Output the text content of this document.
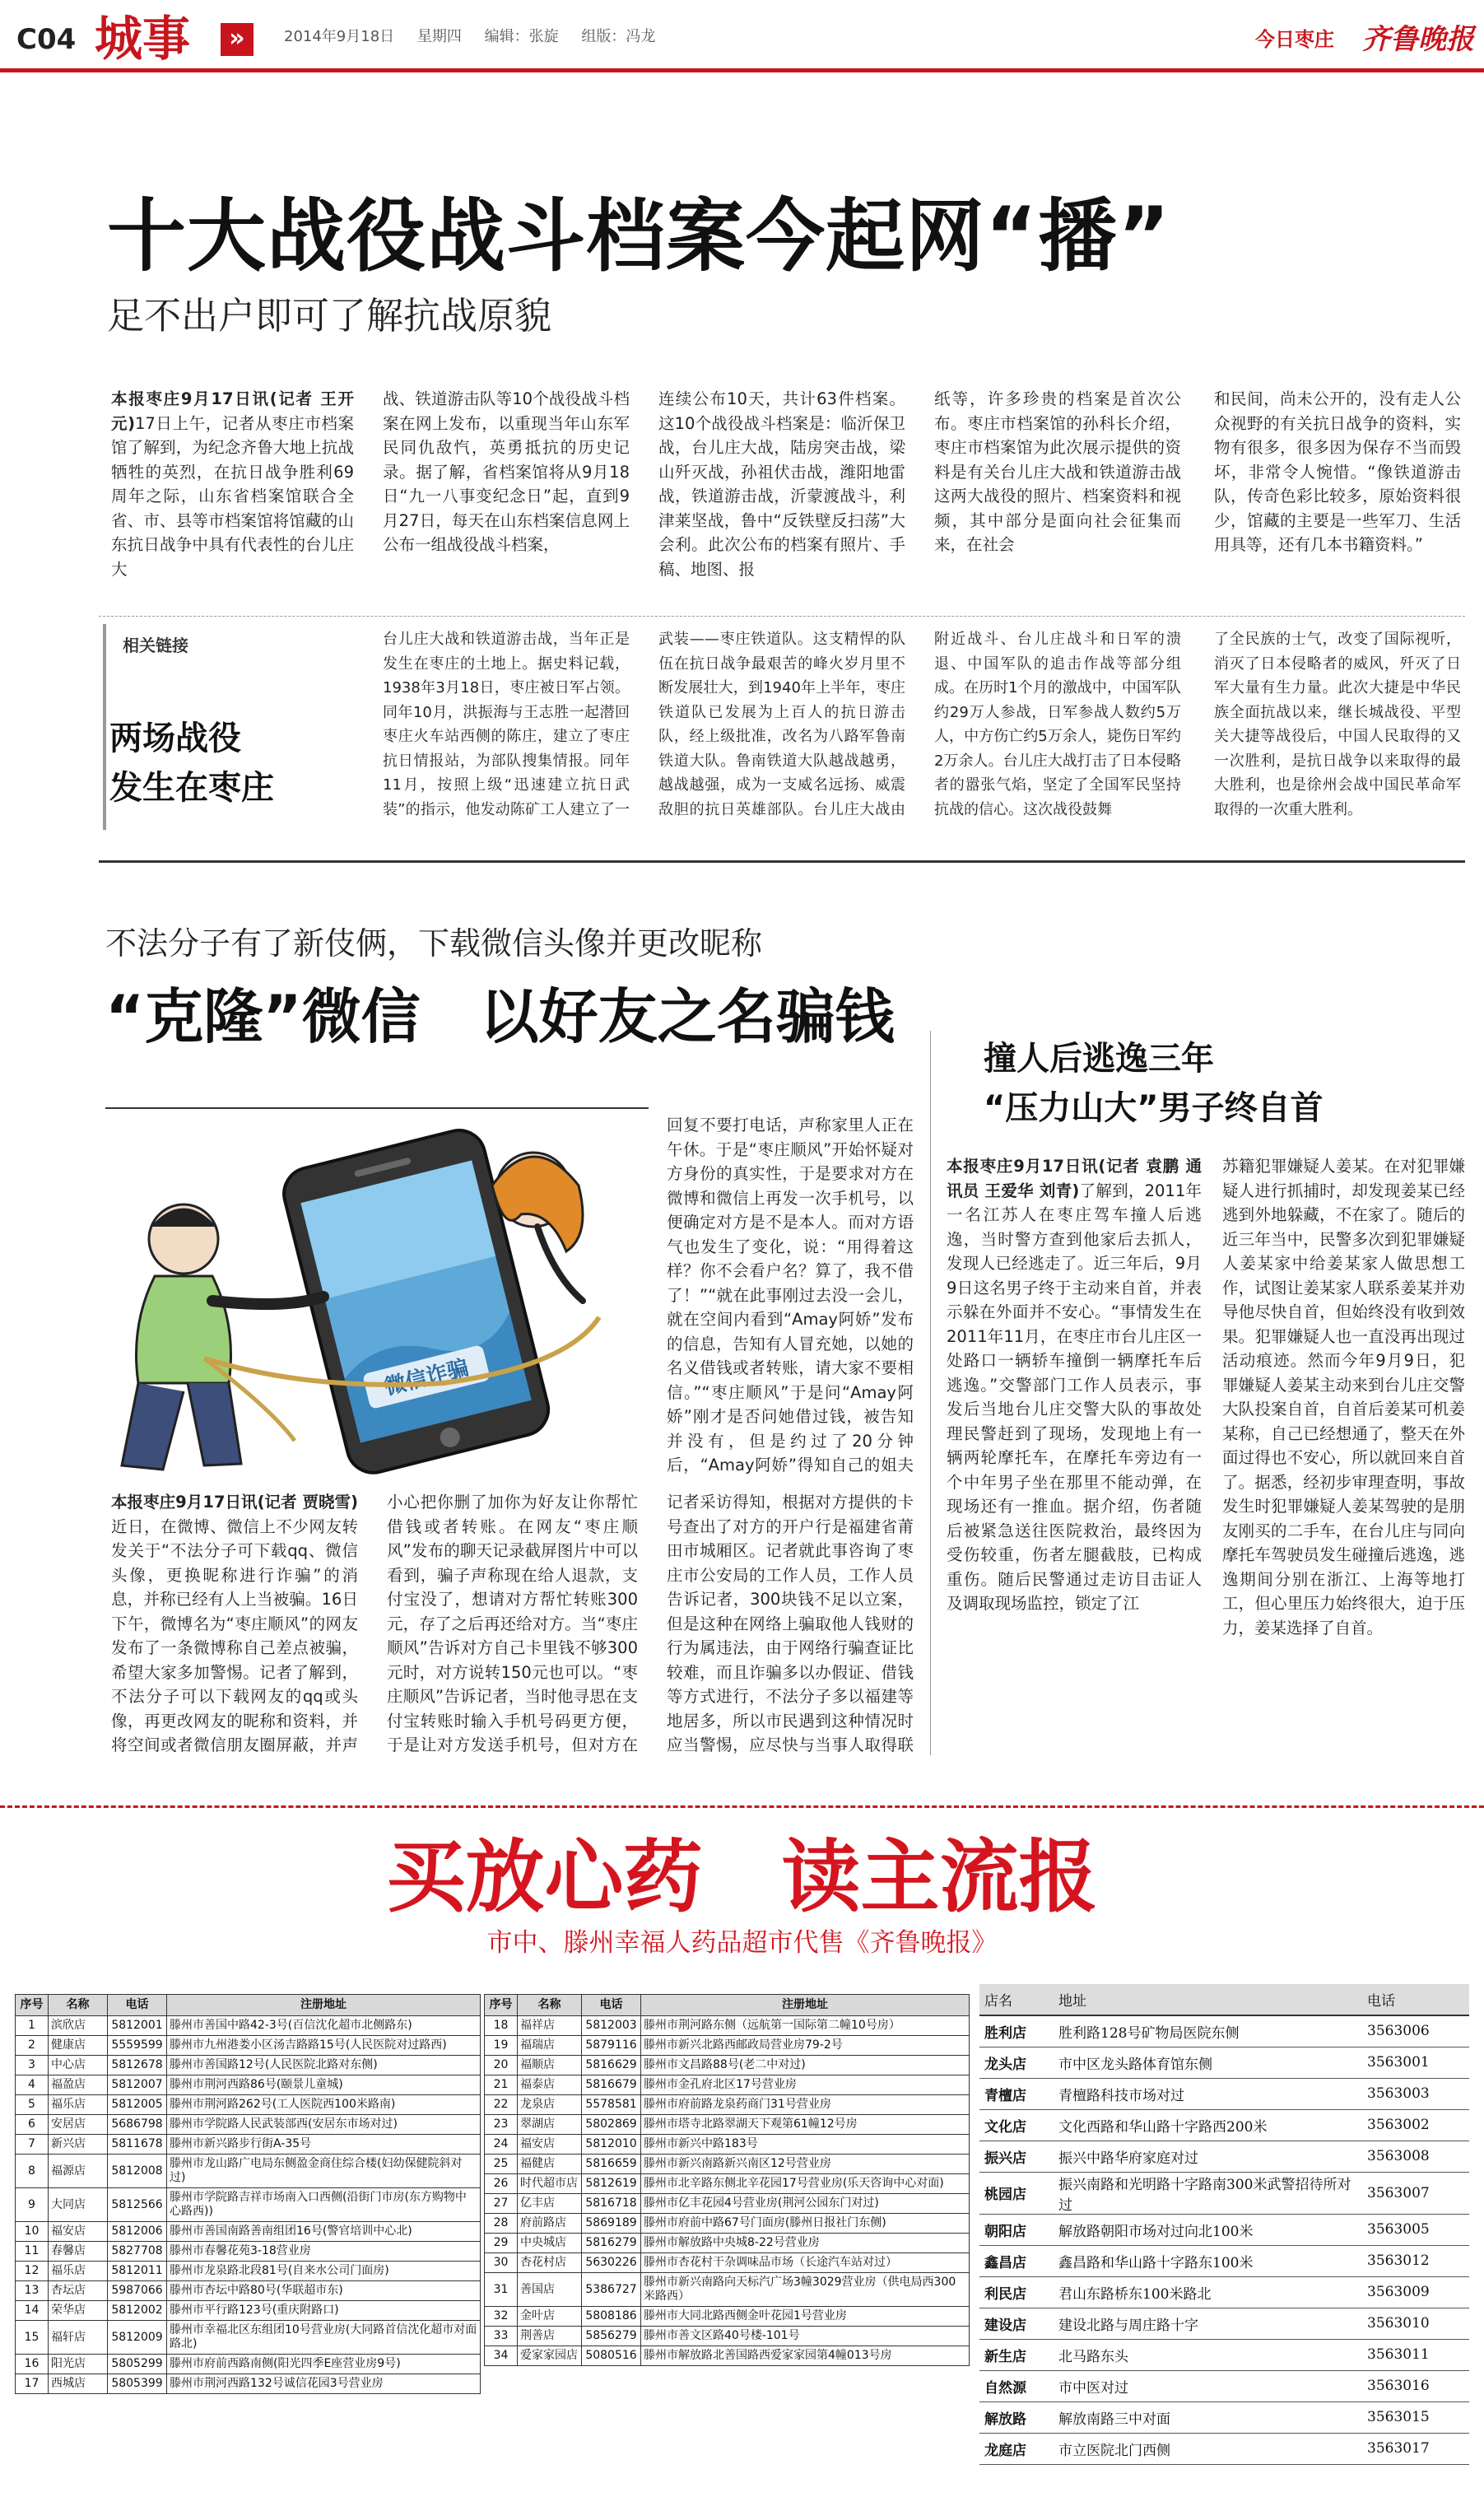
C04 城事	»	2014年9月18日 星期四 编辑：张旋 组版：冯龙	今日枣庄 齐鲁晚报
十大战役战斗档案今起网“播”
足不出户即可了解抗战原貌
本报枣庄9月17日讯(记者 王开元)17日上午，记者从枣庄市档案馆了解到，为纪念齐鲁大地上抗战牺牲的英烈，在抗日战争胜利69周年之际，山东省档案馆联合全省、市、县等市档案馆将馆藏的山东抗日战争中具有代表性的台儿庄大
战、铁道游击队等10个战役战斗档案在网上发布，以重现当年山东军民同仇敌忾，英勇抵抗的历史记录。据了解，省档案馆将从9月18日“九一八事变纪念日”起，直到9月27日，每天在山东档案信息网上公布一组战役战斗档案，
连续公布10天，共计63件档案。这10个战役战斗档案是：临沂保卫战，台儿庄大战，陆房突击战，梁山歼灭战，孙祖伏击战，潍阳地雷战，铁道游击战，沂蒙渡战斗，利津莱坚战，鲁中“反铁壁反扫荡”大会利。此次公布的档案有照片、手稿、地图、报
纸等，许多珍贵的档案是首次公布。枣庄市档案馆的孙科长介绍，枣庄市档案馆为此次展示提供的资料是有关台儿庄大战和铁道游击战这两大战役的照片、档案资料和视频，其中部分是面向社会征集而来，在社会
和民间，尚未公开的，没有走人公众视野的有关抗日战争的资料，实物有很多，很多因为保存不当而毁坏，非常令人惋惜。“像铁道游击队，传奇色彩比较多，原始资料很少，馆藏的主要是一些军刀、生活用具等，还有几本书籍资料。”
相关链接
两场战役
发生在枣庄
台儿庄大战和铁道游击战，当年正是发生在枣庄的土地上。据史料记载，1938年3月18日，枣庄被日军占领。同年10月，洪振海与王志胜一起潜回枣庄火车站西侧的陈庄，建立了枣庄抗日情报站，为部队搜集情报。同年11月，按照上级“迅速建立抗日武装”的指示，他发动陈矿工人建立了一
武装——枣庄铁道队。这支精悍的队伍在抗日战争最艰苦的峰火岁月里不断发展壮大，到1940年上半年，枣庄铁道队已发展为上百人的抗日游击队，经上级批准，改名为八路军鲁南铁道大队。鲁南铁道大队越战越勇，越战越强，成为一支威名远扬、威震敌胆的抗日英雄部队。台儿庄大战由
附近战斗、台儿庄战斗和日军的溃退、中国军队的追击作战等部分组成。在历时1个月的激战中，中国军队约29万人参战，日军参战人数约5万人，中方伤亡约5万余人，毙伤日军约2万余人。台儿庄大战打击了日本侵略者的嚣张气焰，坚定了全国军民坚持抗战的信心。这次战役鼓舞
了全民族的士气，改变了国际视听，消灭了日本侵略者的威风，歼灭了日军大量有生力量。此次大捷是中华民族全面抗战以来，继长城战役、平型关大捷等战役后，中国人民取得的又一次胜利，是抗日战争以来取得的最大胜利，也是徐州会战中国民革命军取得的一次重大胜利。
不法分子有了新伎俩，下载微信头像并更改昵称
“克隆”微信　以好友之名骗钱
微信诈骗
回复不要打电话，声称家里人正在午休。于是“枣庄顺风”开始怀疑对方身份的真实性，于是要求对方在微博和微信上再发一次手机号，以便确定对方是不是本人。而对方语气也发生了变化，说：“用得着这样？你不会看户名？算了，我不借了！”“就在此事刚过去没一会儿，就在空间内看到“Amay阿娇”发布的信息，告知有人冒充她，以她的名义借钱或者转账，请大家不要相信。”“枣庄顺风”于是问“Amay阿娇”刚才是否问她借过钱，被告知并没有，但是约过了20分钟后，“Amay阿娇”得知自己的姐夫
本报枣庄9月17日讯(记者 贾晓雪)近日，在微博、微信上不少网友转发关于“不法分子可下载qq、微信头像，更换昵称进行诈骗”的消息，并称已经有人上当被骗。16日下午，微博名为“枣庄顺风”的网友发布了一条微博称自己差点被骗，希望大家多加警惕。记者了解到，不法分子可以下载网友的qq或头像，再更改网友的昵称和资料，并将空间或者微信朋友圈屏蔽，并声
小心把你删了加你为好友让你帮忙借钱或者转账。在网友“枣庄顺风”发布的聊天记录截屏图片中可以看到，骗子声称现在给人退款，支付宝没了，想请对方帮忙转账300元，存了之后再还给对方。当“枣庄顺风”告诉对方自己卡里钱不够300元时，对方说转150元也可以。“枣庄顺风”告诉记者，当时他寻思在支付宝转账时输入手机号码更方便，于是让对方发送手机号，但对方在
记者采访得知，根据对方提供的卡号查出了对方的开户行是福建省莆田市城厢区。记者就此事咨询了枣庄市公安局的工作人员，工作人员告诉记者，300块钱不足以立案，但是这种在网络上骗取他人钱财的行为属违法，由于网络行骗查证比较难，而且诈骗多以办假证、借钱等方式进行，不法分子多以福建等地居多，所以市民遇到这种情况时应当警惕，应尽快与当事人取得联
撞人后逃逸三年
“压力山大”男子终自首
本报枣庄9月17日讯(记者 袁鹏 通讯员 王爱华 刘青)了解到，2011年一名江苏人在枣庄驾车撞人后逃逸，当时警方查到他家后去抓人，发现人已经逃走了。近三年后，9月9日这名男子终于主动来自首，并表示躲在外面并不安心。“事情发生在2011年11月，在枣庄市台儿庄区一处路口一辆轿车撞倒一辆摩托车后逃逸。”交警部门工作人员表示，事发后当地台儿庄交警大队的事故处理民警赶到了现场，发现地上有一辆两轮摩托车，在摩托车旁边有一个中年男子坐在那里不能动弹，在现场还有一推血。据介绍，伤者随后被紧急送往医院救治，最终因为受伤较重，伤者左腿截肢，已构成重伤。随后民警通过走访目击证人及调取现场监控，锁定了江
苏籍犯罪嫌疑人姜某。在对犯罪嫌疑人进行抓捕时，却发现姜某已经逃到外地躲藏，不在家了。随后的近三年当中，民警多次到犯罪嫌疑人姜某家中给姜某家人做思想工作，试图让姜某家人联系姜某并劝导他尽快自首，但始终没有收到效果。犯罪嫌疑人也一直没再出现过活动痕迹。然而今年9月9日，犯罪嫌疑人姜某主动来到台儿庄交警大队投案自首，自首后姜某可机姜某称，自己已经想通了，整天在外面过得也不安心，所以就回来自首了。据悉，经初步审理查明，事故发生时犯罪嫌疑人姜某驾驶的是朋友刚买的二手车，在台儿庄与同向摩托车驾驶员发生碰撞后逃逸，逃逸期间分别在浙江、上海等地打工，但心里压力始终很大，迫于压力，姜某选择了自首。
买放心药　读主流报
市中、滕州幸福人药品超市代售《齐鲁晚报》
序号	名称	电话	注册地址
1	滨欣店	5812001	滕州市善国中路42-3号(百信沈化超市北侧路东)
2	健康店	5559599	滕州市九州港娄小区汤吉路路15号(人民医院对过路西)
3	中心店	5812678	滕州市善国路12号(人民医院北路对东侧)
4	福盈店	5812007	滕州市荆河西路86号(颐景儿童城)
5	福乐店	5812005	滕州市荆河路262号(工人医院西100米路南)
6	安居店	5686798	滕州市学院路人民武装部西(安居东市场对过)
7	新兴店	5811678	滕州市新兴路步行街A-35号
8	福源店	5812008	滕州市龙山路广电局东侧盈金商住综合楼(妇幼保健院斜对过)
9	大同店	5812566	滕州市学院路吉祥市场南入口西侧(沿街门市房(东方购物中心路西))
10	福安店	5812006	滕州市善国南路善南组团16号(警官培训中心北)
11	春馨店	5827708	滕州市春馨花苑3-18营业房
12	福乐店	5812011	滕州市龙泉路北段81号(自来水公司门面房)
13	杏坛店	5987066	滕州市杏坛中路80号(华联超市东)
14	荣华店	5812002	滕州市平行路123号(重庆附路口)
15	福轩店	5812009	滕州市幸福北区东组团10号营业房(大同路首信沈化超市对面路北)
16	阳光店	5805299	滕州市府前西路南侧(阳光四季E座营业房9号)
17	西城店	5805399	滕州市荆河西路132号诚信花园3号营业房
序号	名称	电话	注册地址
18	福祥店	5812003	滕州市荆河路东侧（远航第一国际第二幢10号房）
19	福瑞店	5879116	滕州市新兴北路西邮政局营业房79-2号
20	福顺店	5816629	滕州市文昌路88号(老二中对过)
21	福泰店	5816679	滕州市金孔府北区17号营业房
22	龙泉店	5578581	滕州市府前路龙泉药商门31号营业房
23	翠湖店	5802869	滕州市塔寺北路翠湖天下观第61幢12号房
24	福安店	5812010	滕州市新兴中路183号
25	福健店	5816659	滕州市新兴南路新兴南区12号营业房
26	时代超市店	5812619	滕州市北辛路东侧北辛花园17号营业房(乐天咨询中心对面)
27	亿丰店	5816718	滕州市亿丰花园4号营业房(荆河公园东门对过)
28	府前路店	5869189	滕州市府前中路67号门面房(滕州日报社门东侧)
29	中央城店	5816279	滕州市解放路中央城8-22号营业房
30	杏花村店	5630226	滕州市杏花村干杂调味品市场（长途汽车站对过）
31	善国店	5386727	滕州市新兴南路向天标汽广场3幢3029营业房（供电局西300米路西）
32	金叶店	5808186	滕州市大同北路西侧金叶花园1号营业房
33	荆善店	5856279	滕州市善文区路40号楼-101号
34	爱家家园店	5080516	滕州市解放路北善国路西爱家家园第4幢013号房
店名	地址	电话
胜利店	胜利路128号矿物局医院东侧	3563006
龙头店	市中区龙头路体育馆东侧	3563001
青檀店	青檀路科技市场对过	3563003
文化店	文化西路和华山路十字路西200米	3563002
振兴店	振兴中路华府家庭对过	3563008
桃园店	振兴南路和光明路十字路南300米武警招待所对过	3563007
朝阳店	解放路朝阳市场对过向北100米	3563005
鑫昌店	鑫昌路和华山路十字路东100米	3563012
利民店	君山东路桥东100米路北	3563009
建设店	建设北路与周庄路十字	3563010
新生店	北马路东头	3563011
自然源	市中医对过	3563016
解放路	解放南路三中对面	3563015
龙庭店	市立医院北门西侧	3563017
